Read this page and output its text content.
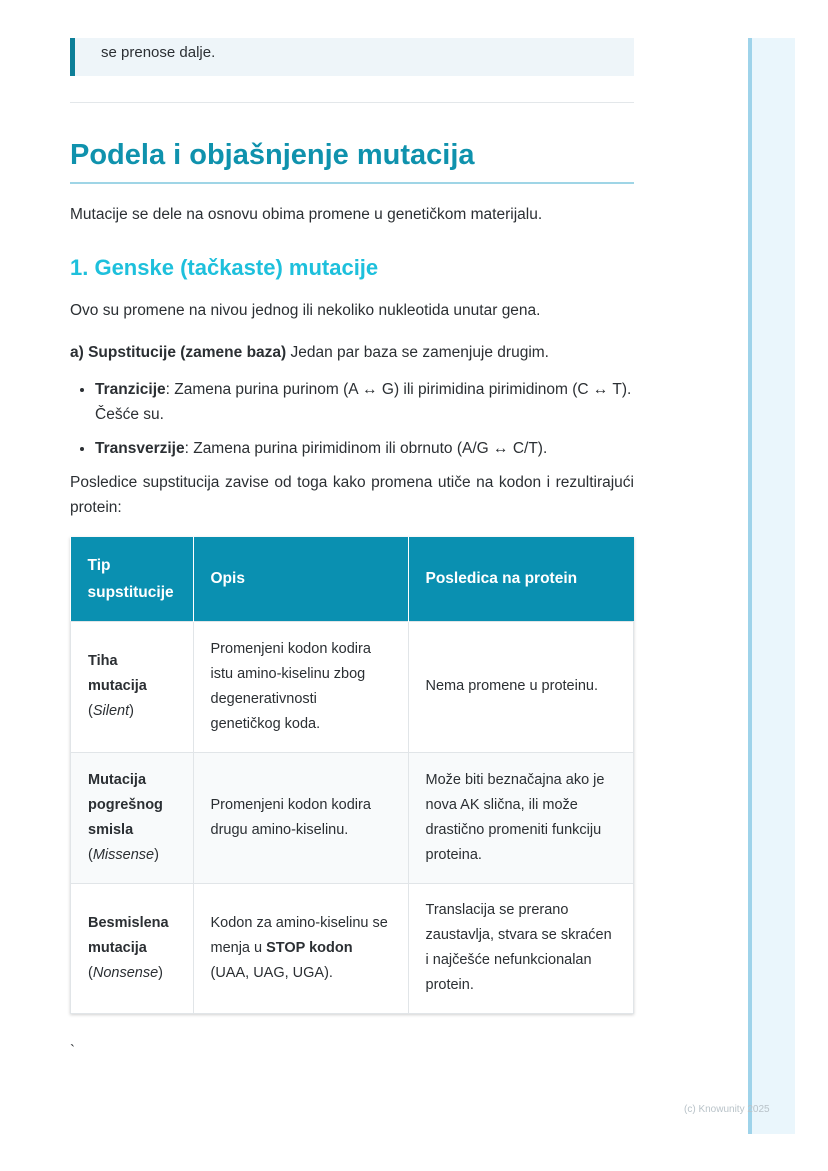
(c) Knowunity 2025
se prenose dalje.
Podela i objašnjenje mutacija

Mutacije se dele na osnovu obima promene u genetičkom materijalu.

1. Genske (tačkaste) mutacije

Ovo su promene na nivou jednog ili nekoliko nukleotida unutar gena.

a) Supstitucije (zamene baza) Jedan par baza se zamenjuje drugim.

• Tranzicije: Zamena purina purinom (A ↔ G) ili pirimidina pirimidinom (C ↔ T). Češće su.
• Transverzije: Zamena purina pirimidinom ili obrnuto (A/G ↔ C/T).

Posledice supstitucija zavise od toga kako promena utiče na kodon i rezultirajući protein:

Tip supstitucije	Opis	Posledica na protein
Tiha mutacija
(Silent)	Promenjeni kodon kodira istu amino-kiselinu zbog degenerativnosti genetičkog koda.	Nema promene u proteinu.
Mutacija pogrešnog smisla
(Missense)	Promenjeni kodon kodira drugu amino-kiselinu.	Može biti beznačajna ako je nova AK slična, ili može drastično promeniti funkciju proteina.
Besmislena mutacija
(Nonsense)	Kodon za amino-kiselinu se menja u STOP kodon (UAA, UAG, UGA).	Translacija se prerano zaustavlja, stvara se skraćen i najčešće nefunkcionalan protein.
`
